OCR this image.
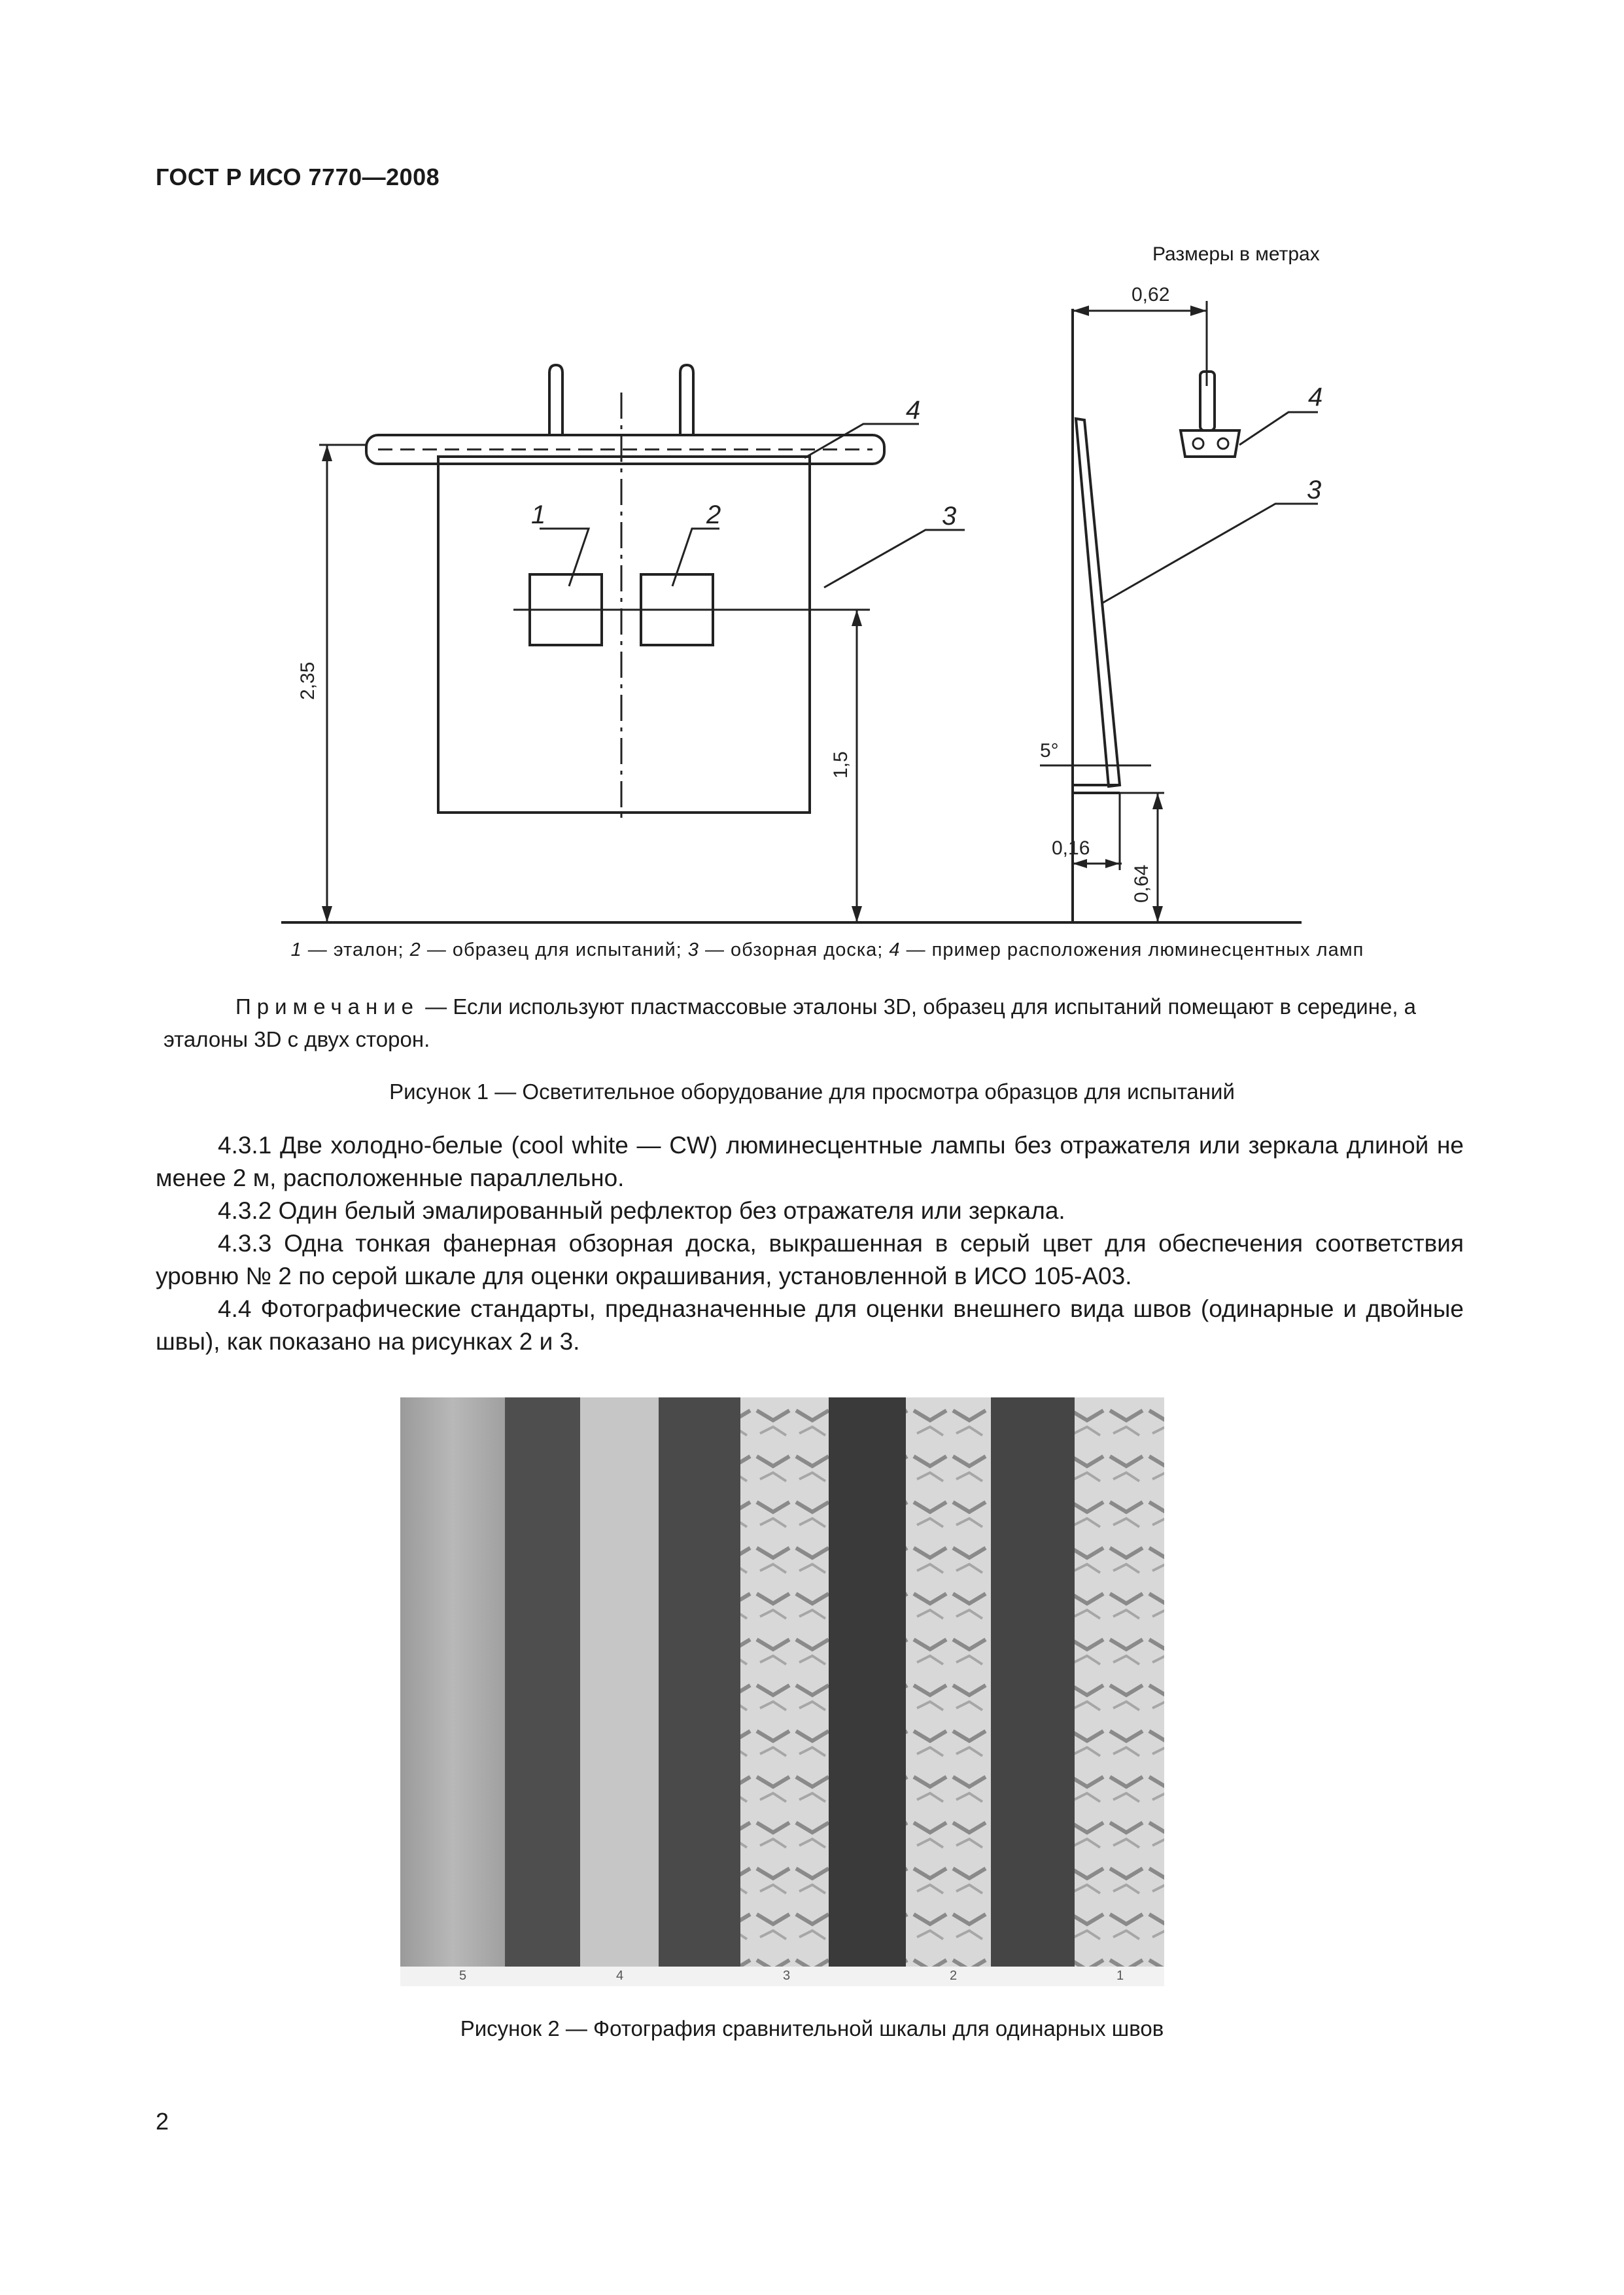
ГОСТ Р ИСО 7770—2008
Размеры в метрах
0,62
2,35
1,5
5°
0,16
0,64
1	2	3
4
3
4
1 — эталон; 2 — образец для испытаний; 3 — обзорная доска; 4 — пример расположения люминесцентных ламп
Примечание — Если используют пластмассовые эталоны 3D, образец для испытаний помещают в середине, а эталоны 3D с двух сторон.
Рисунок 1 — Осветительное оборудование для просмотра образцов для испытаний

4.3.1 Две холодно-белые (cool white — CW) люминесцентные лампы без отражателя или зеркала длиной не менее 2 м, расположенные параллельно.

4.3.2 Один белый эмалированный рефлектор без отражателя или зеркала.

4.3.3 Одна тонкая фанерная обзорная доска, выкрашенная в серый цвет для обеспечения соответствия уровню № 2 по серой шкале для оценки окрашивания, установленной в ИСО 105-А03.

4.4 Фотографические стандарты, предназначенные для оценки внешнего вида швов (одинарные и двойные швы), как показано на рисунках 2 и 3.

5	4	3	2	1
Рисунок 2 — Фотография сравнительной шкалы для одинарных швов
2
